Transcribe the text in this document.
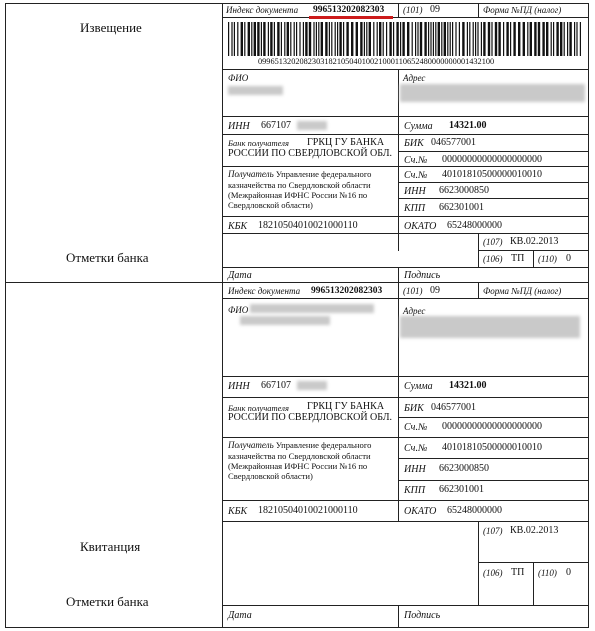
Извещение
Отметки банка
Индекс документа 996513202082303 (101) 09	Форма №ПД (налог)
099651320208230318210504010021000110652480000000001432100
ФИО	Адрес
ИНН 667107	Сумма 14321.00
Банк получателя ГРКЦ ГУ БАНКА
РОССИИ ПО СВЕРДЛОВСКОЙ ОБЛ.
БИК 046577001
Сч.№ 00000000000000000000
Получатель Управление федерального казначейства по Свердловской области (Межрайонная ИФНС России №16 по Свердловской области)
Сч.№ 40101810500000010010
ИНН 6623000850
КПП 662301001
КБК 18210504010021000110	ОКАТО 65248000000
(107) КВ.02.2013
(106) ТП (110) 0
Дата	Подпись
Квитанция
Отметки банка
Индекс документа 996513202082303 (101) 09	Форма №ПД (налог)
ФИО	Адрес
ИНН 667107	Сумма 14321.00
Банк получателя ГРКЦ ГУ БАНКА
РОССИИ ПО СВЕРДЛОВСКОЙ ОБЛ.
БИК 046577001
Сч.№ 00000000000000000000
Получатель Управление федерального казначейства по Свердловской области (Межрайонная ИФНС России №16 по Свердловской области)
Сч.№ 40101810500000010010
ИНН 6623000850
КПП 662301001
КБК 18210504010021000110	ОКАТО 65248000000
(107) КВ.02.2013
(106) ТП (110) 0
Дата	Подпись
